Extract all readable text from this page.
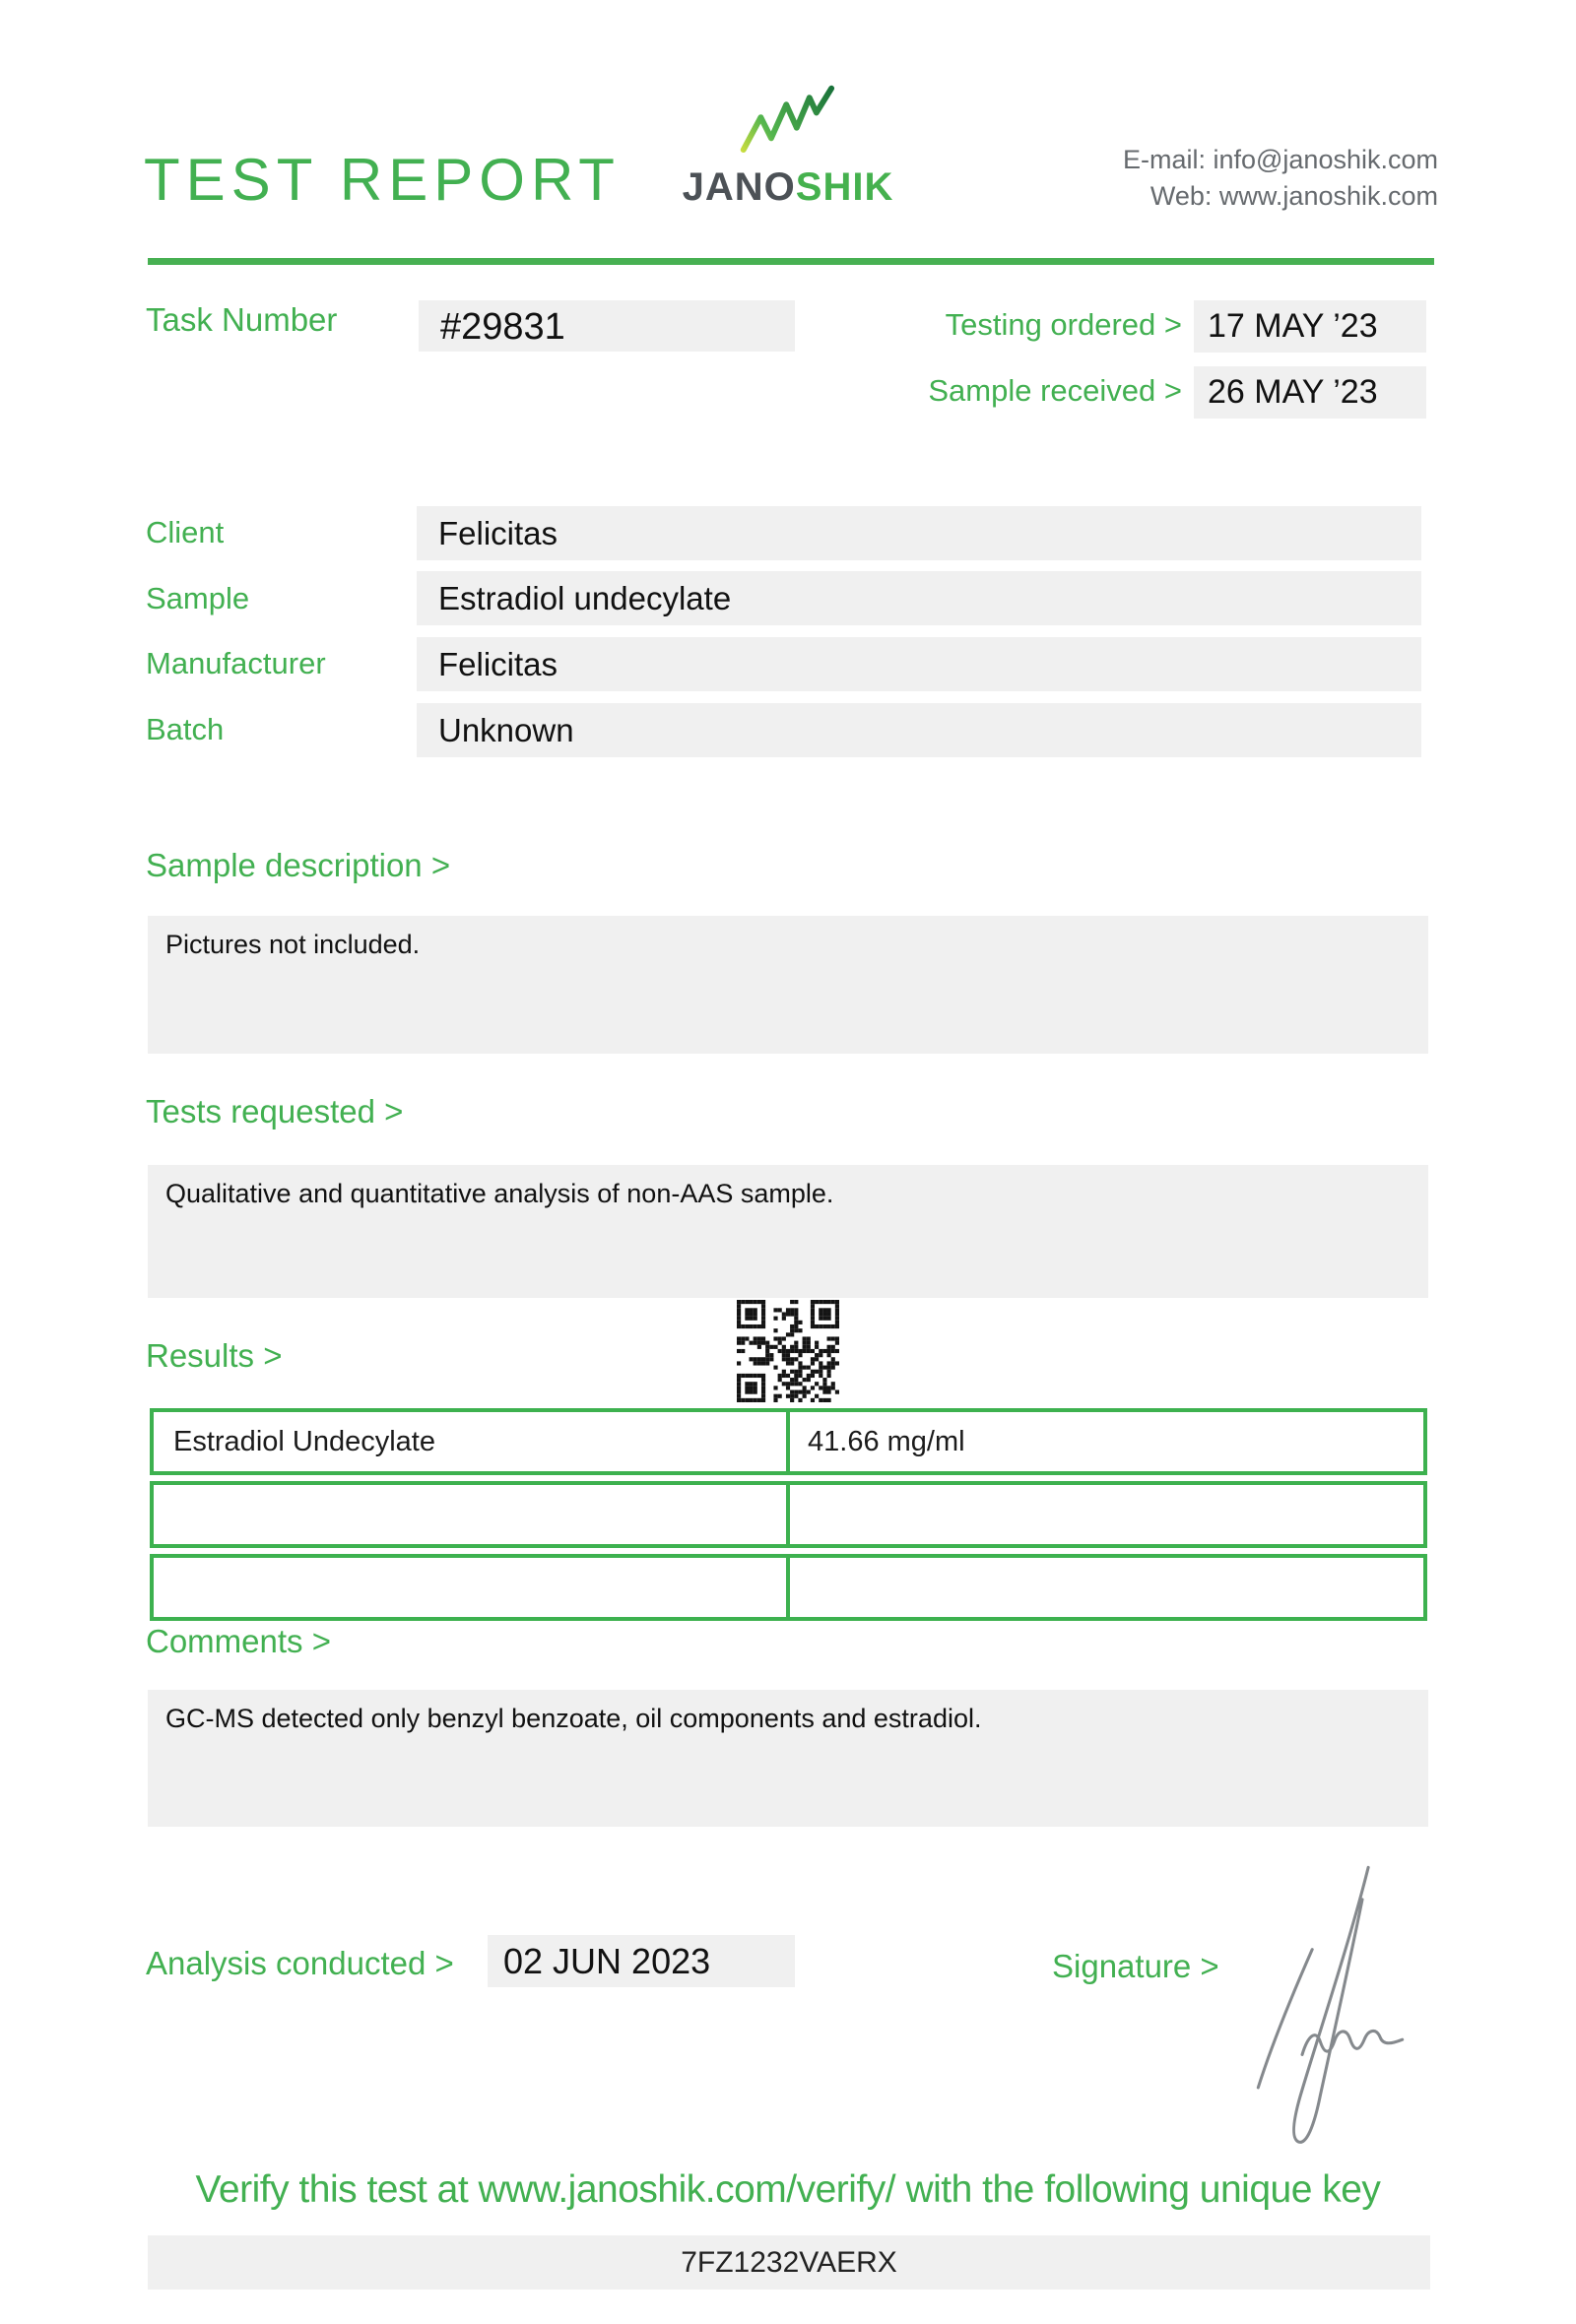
TEST REPORT JANOSHIK
E-mail: info@janoshik.com
Web: www.janoshik.com
Task Number	#29831	Testing ordered > 17 MAY ’23
Sample received > 26 MAY ’23
Client	Felicitas
Sample	Estradiol undecylate
Manufacturer	Felicitas
Batch	Unknown
Sample description >
Pictures not included.
Tests requested >
Qualitative and quantitative analysis of non-AAS sample.
Results >
Estradiol Undecylate	41.66 mg/ml
Comments >
GC-MS detected only benzyl benzoate, oil components and estradiol.
Analysis conducted >	02 JUN 2023	Signature >
Verify this test at www.janoshik.com/verify/ with the following unique key
7FZ1232VAERX
